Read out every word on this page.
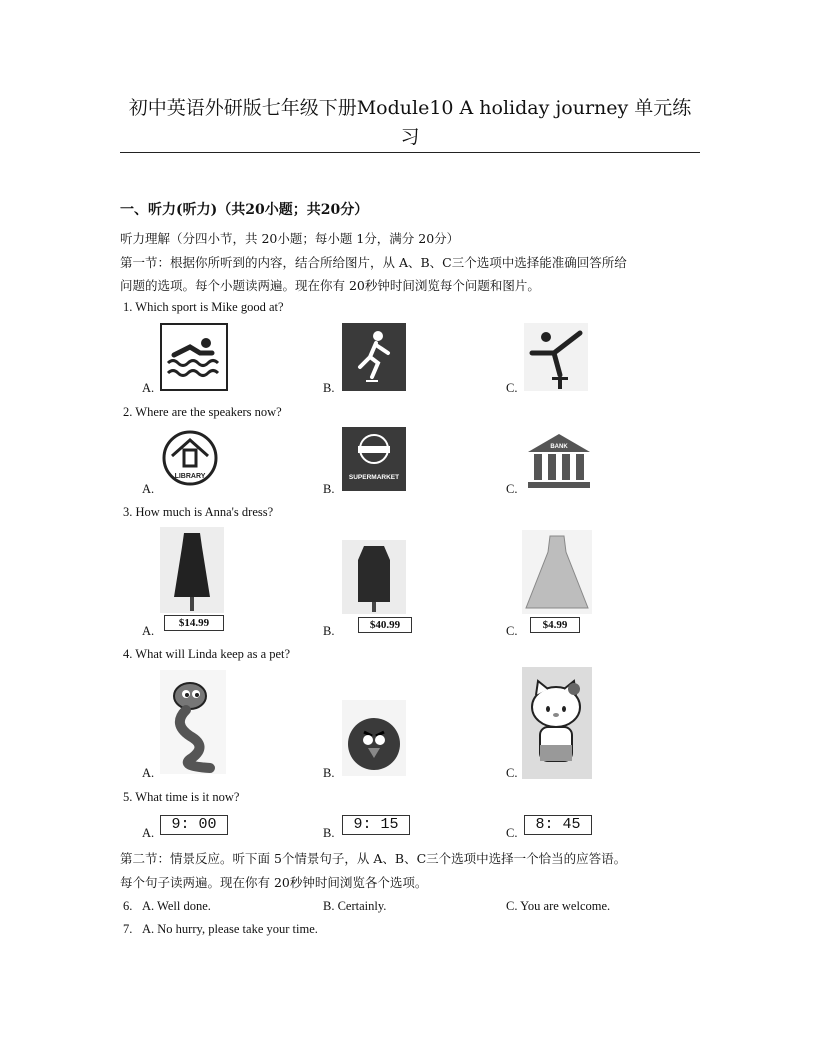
初中英语外研版七年级下册Module10 A holiday journey 单元练习
一、听力(听力)（共20小题；共20分）
听力理解（分四小节，共 20小题；每小题 1分，满分 20分）
第一节：根据你所听到的内容，结合所给图片，从 A、B、C三个选项中选择能准确回答所给
问题的选项。每个小题读两遍。现在你有 20秒钟时间浏览每个问题和图片。
1. Which sport is Mike good at?
A.	B.	C.
2. Where are the speakers now?
LIBRARY	SUPERMARKET
BANK
A.	B.	C.
3. How much is Anna's dress?
$14.99	$40.99	$4.99
A.	B.	C.
4. What will Linda keep as a pet?
A.	B.	C.
5. What time is it now?
9: 00	9: 15	8: 45
A.	B.	C.
第二节：情景反应。听下面 5个情景句子，从 A、B、C三个选项中选择一个恰当的应答语。
每个句子读两遍。现在你有 20秒钟时间浏览各个选项。
6. A. Well done.	B. Certainly.	C. You are welcome.
7. A. No hurry, please take your time.
